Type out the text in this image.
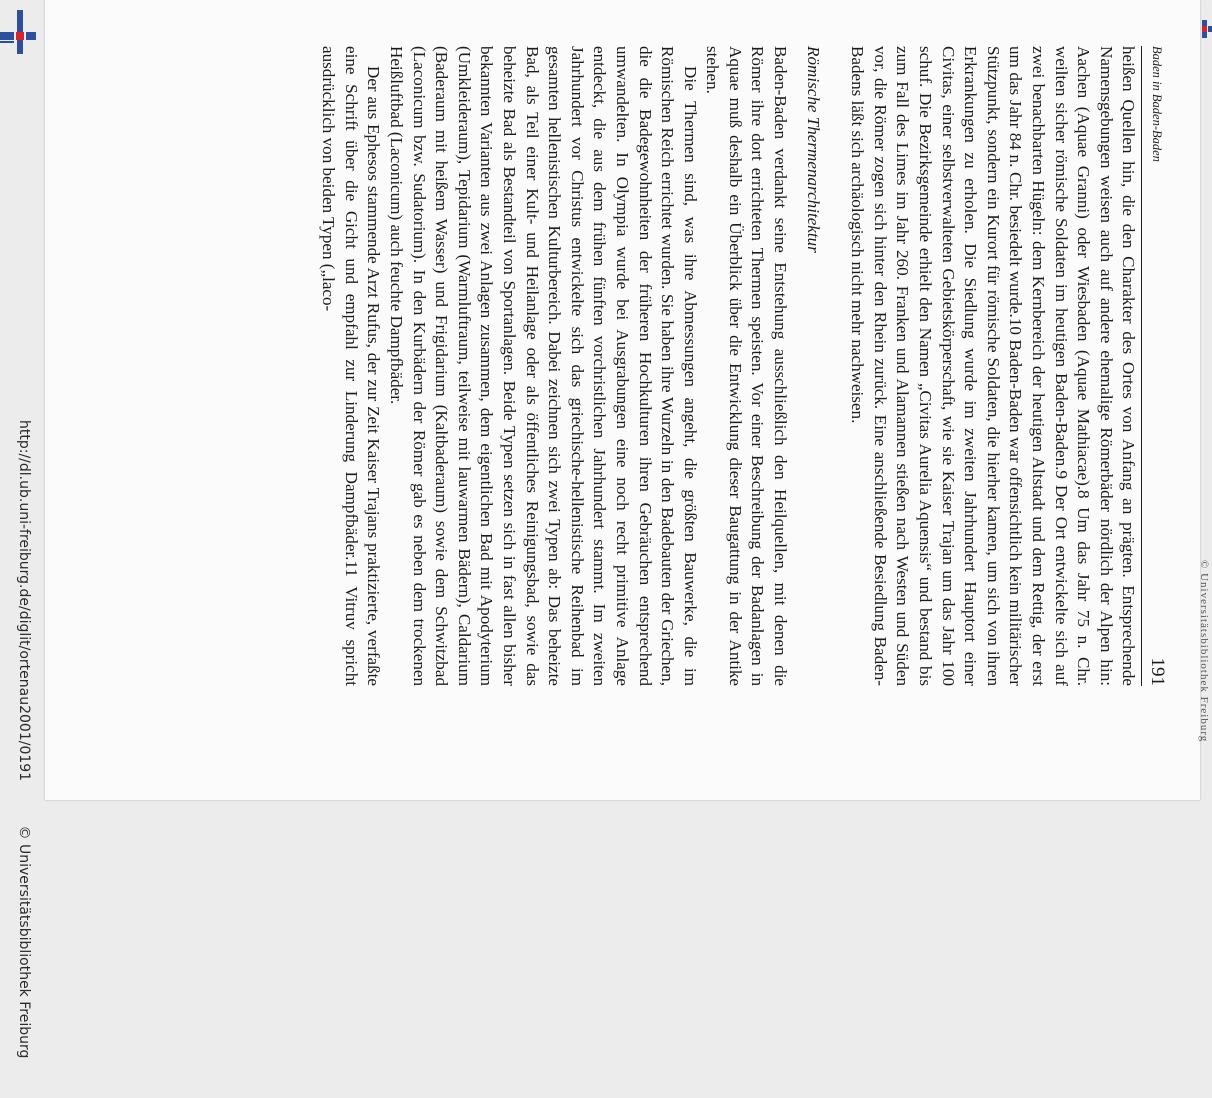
http://dl.ub.uni-freiburg.de/diglit/ortenau2001/0191 © Universitätsbibliothek Freiburg
Baden in Baden-Baden
191

heißen Quellen hin, die den Charakter des Ortes von Anfang an prägten. Entsprechende Namensgebungen weisen auch auf andere ehemalige Römerbäder nördlich der Alpen hin: Aachen (Aquae Granni) oder Wiesbaden (Aquae Mathiacae).8 Um das Jahr 75 n. Chr. weilten sicher römische Soldaten im heutigen Baden-Baden.9 Der Ort entwickelte sich auf zwei benachbarten Hügeln: dem Kernbereich der heutigen Altstadt und dem Rettig, der erst um das Jahr 84 n. Chr. besiedelt wurde.10 Baden-Baden war offensichtlich kein militärischer Stützpunkt, sondern ein Kurort für römische Soldaten, die hierher kamen, um sich von ihren Erkrankungen zu erholen. Die Siedlung wurde im zweiten Jahrhundert Hauptort einer Civitas, einer selbstverwalteten Gebietskörperschaft, wie sie Kaiser Trajan um das Jahr 100 schuf. Die Bezirksgemeinde erhielt den Namen „Civitas Aurelia Aquensis“ und bestand bis zum Fall des Limes im Jahr 260. Franken und Alamannen stießen nach Westen und Süden vor, die Römer zogen sich hinter den Rhein zurück. Eine anschließende Besiedlung Baden-Badens läßt sich archäologisch nicht mehr nachweisen.

Römische Thermenarchitektur

Baden-Baden verdankt seine Entstehung ausschließlich den Heilquellen, mit denen die Römer ihre dort errichteten Thermen speisten. Vor einer Beschreibung der Badanlagen in Aquae muß deshalb ein Überblick über die Entwicklung dieser Baugattung in der Antike stehen.

Die Thermen sind, was ihre Abmessungen angeht, die größten Bauwerke, die im Römischen Reich errichtet wurden. Sie haben ihre Wurzeln in den Badebauten der Griechen, die die Badegewohnheiten der früheren Hochkulturen ihren Gebräuchen entsprechend umwandelten. In Olympia wurde bei Ausgrabungen eine noch recht primitive Anlage entdeckt, die aus dem frühen fünften vorchristlichen Jahrhundert stammt. Im zweiten Jahrhundert vor Christus entwickelte sich das griechische-hellenistische Reihenbad im gesamten hellenistischen Kulturbereich. Dabei zeichnen sich zwei Typen ab: Das beheizte Bad, als Teil einer Kult- und Heilanlage oder als öffentliches Reinigungsbad, sowie das beheizte Bad als Bestandteil von Sportanlagen. Beide Typen setzen sich in fast allen bisher bekannten Varianten aus zwei Anlagen zusammen, dem eigentlichen Bad mit Apodyterium (Umkleideraum), Tepidarium (Warmluftraum, teilweise mit lauwarmen Bädern), Caldarium (Baderaum mit heißem Wasser) und Frigidarium (Kaltbaderaum) sowie dem Schwitzbad (Laconicum bzw. Sudatorium). In den Kurbädern der Römer gab es neben dem trockenen Heißluftbad (Laconicum) auch feuchte Dampfbäder.

Der aus Ephesos stammende Arzt Rufus, der zur Zeit Kaiser Trajans praktizierte, verfaßte eine Schrift über die Gicht und empfahl zur Linderung Dampfbäder.11 Vitruv spricht ausdrücklich von beiden Typen („laco-

© Universitätsbibliothek Freiburg
